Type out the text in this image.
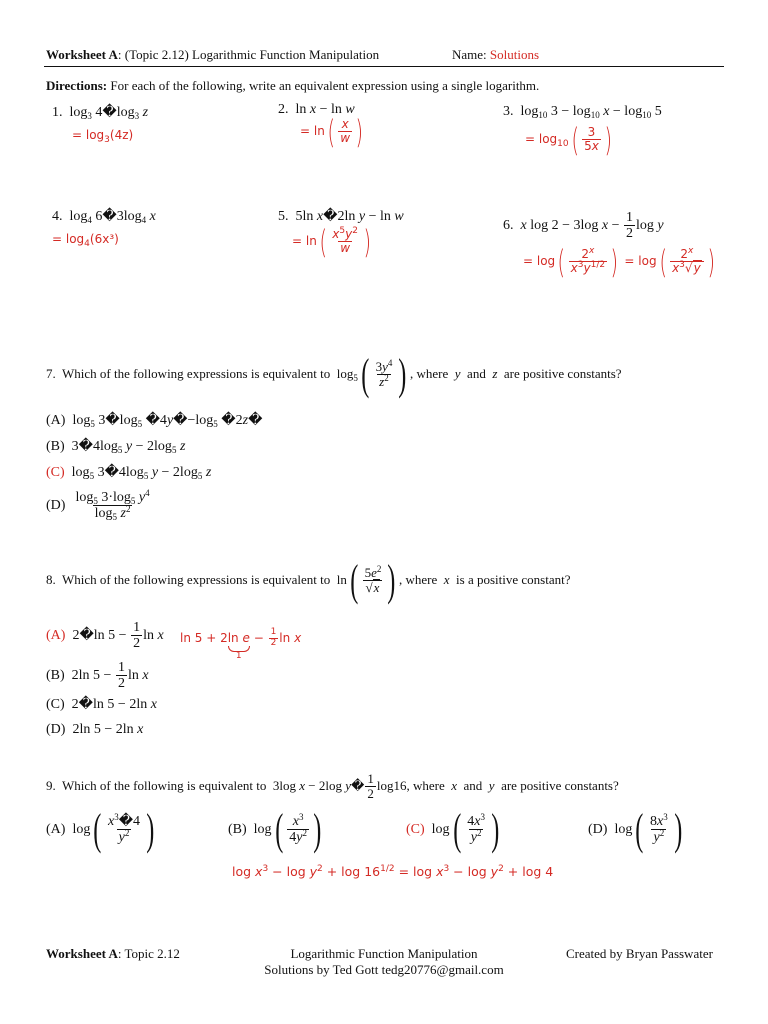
Worksheet A: (Topic 2.12) Logarithmic Function Manipulation	Name: Solutions
Directions: For each of the following, write an equivalent expression using a single logarithm.
1.  $\log_3$ $4�\log_3$ z
= $\log_3(4z)$
2.  ln x − ln w
= $\ln( \frac{x}{w}$ )
3.  $\log_{10} 3 - \log_{10} x - \log_{10} 5$
= $\log_{10}( \frac{3}{5x}$ )
4.  $\log_4$ $6�3\log_4$ x
= $\log_4(6x^3)$
5.  5ln x�2ln y − ln w
= $\ln( \frac{x^5y^2}{w}$ )	6. x log 2 − 3log $x - \frac{1}{2}$ log y
= $\log( \frac{2^x}{x^3y^{1/2}}$ ) = $\log( \frac{2^x}{x^3√y}$ )
7. Which of the following expressions is equivalent to  $\log_5( \frac{3y^4}{z^2}$ ) , where y and z are positive constants?
(A)  $\log_5$ $3�\log_5$ $�4y�-\log_5$ �2z�
(B)  $3�4\log_5$ $y - 2\log_5$ z
(C)  $\log_5$ $3�4\log_5$ $y - 2\log_5$ z
$(D) \frac{\log_5 3\cdot\log_5 y^4}{\log_5 z^2}$
8. Which of the following expressions is equivalent to  $\ln( \frac{5e^2}{√x}$ ) , where x is a positive constant?
(A)  2�ln $5 - \frac{1}{2}$ ln x ln 5 + 2ln e
1
− $\frac{1}{2}$ ln x
(B)  2ln $5 - \frac{1}{2}$ ln x
(C)  2�ln 5 − 2ln x
(D)  2ln 5 − 2ln x
9. Which of the following is equivalent to  3log x − 2log y� $\frac{1}{2} \log 16$, where x and y are positive constants?
(A)  $\log( \frac{x^3�4}{y^2}$ )	(B)  $\log( \frac{x^3}{4y^2}$ )	(C)  $\log( \frac{4x^3}{y^2}$ )	(D)  $\log( \frac{8x^3}{y^2}$ )
$\log x^3 - \log y^2 + \log 16^{1/2} = \log x^3 - \log y^2 + \log 4$
Worksheet A: Topic 2.12	Logarithmic Function Manipulation
Solutions by Ted Gott tedg20776@gmail.com
Created by Bryan Passwater
